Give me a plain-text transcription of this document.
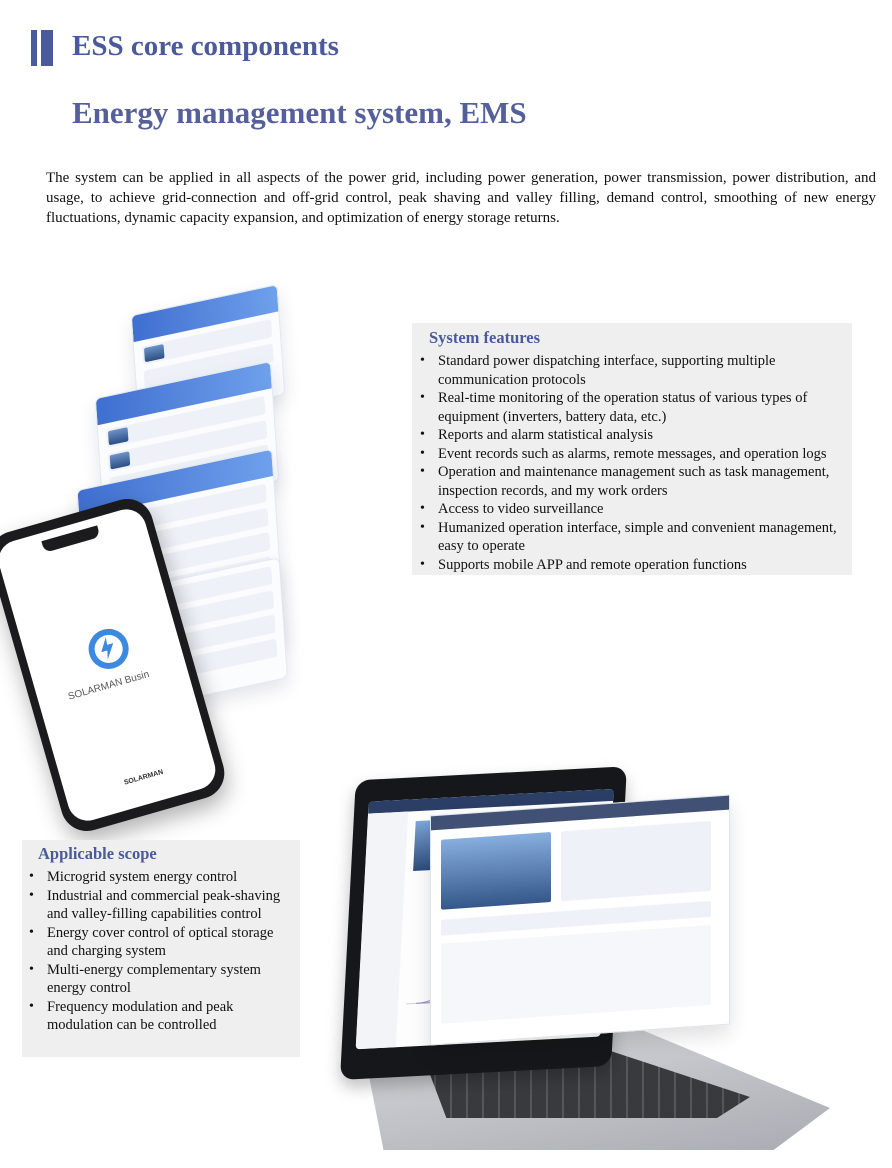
ESS core components
Energy management system, EMS

The system can be applied in all aspects of the power grid, including power generation, power transmission, power distribution, and usage, to achieve grid-connection and off-grid control, peak shaving and valley filling, demand control, smoothing of new energy fluctuations, dynamic capacity expansion, and optimization of energy storage returns.

SOLARMAN Busin
SOLARMAN
System features
• Standard power dispatching interface, supporting multiple communication protocols
• Real-time monitoring of the operation status of various types of equipment (inverters, battery data, etc.)
• Reports and alarm statistical analysis
• Event records such as alarms, remote messages, and operation logs
• Operation and maintenance management such as task management, inspection records, and my work orders
• Access to video surveillance
• Humanized operation interface, simple and convenient management, easy to operate
• Supports mobile APP and remote operation functions
Applicable scope
• Microgrid system energy control
• Industrial and commercial peak-shaving and valley-filling capabilities control
• Energy cover control of optical storage and charging system
• Multi-energy complementary system energy control
• Frequency modulation and peak modulation can be controlled
